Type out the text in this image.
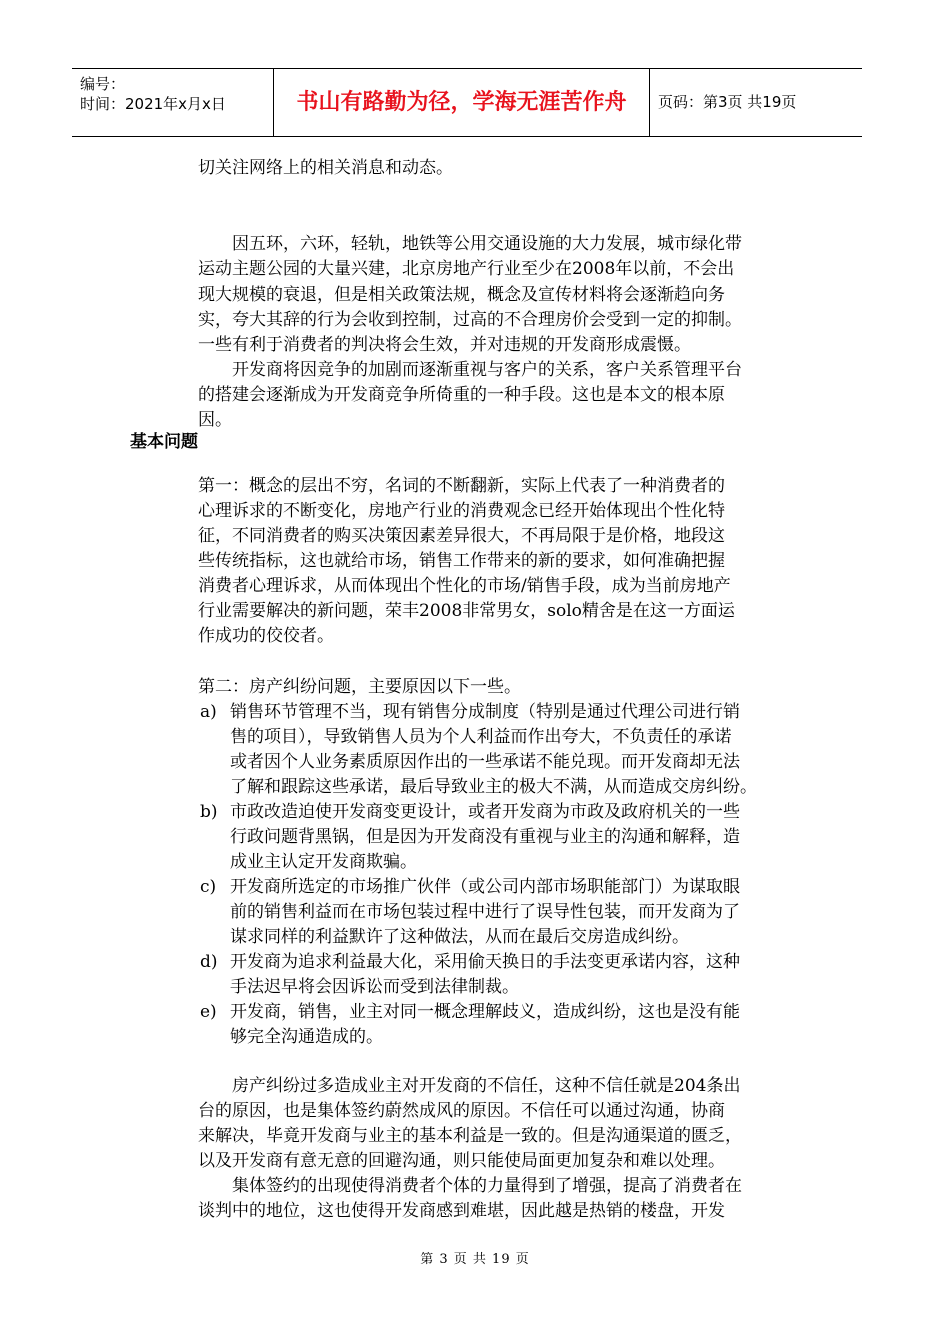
编号：
时间：2021年x月x日	书山有路勤为径，学海无涯苦作舟	页码：第3页 共19页
切关注网络上的相关消息和动态。
因五环，六环，轻轨，地铁等公用交通设施的大力发展，城市绿化带
运动主题公园的大量兴建，北京房地产行业至少在2008年以前，不会出
现大规模的衰退，但是相关政策法规，概念及宣传材料将会逐渐趋向务
实，夸大其辞的行为会收到控制，过高的不合理房价会受到一定的抑制。
一些有利于消费者的判决将会生效，并对违规的开发商形成震慑。
开发商将因竞争的加剧而逐渐重视与客户的关系，客户关系管理平台
的搭建会逐渐成为开发商竞争所倚重的一种手段。这也是本文的根本原
因。
基本问题
第一：概念的层出不穷，名词的不断翻新，实际上代表了一种消费者的
心理诉求的不断变化，房地产行业的消费观念已经开始体现出个性化特
征，不同消费者的购买决策因素差异很大，不再局限于是价格，地段这
些传统指标，这也就给市场，销售工作带来的新的要求，如何准确把握
消费者心理诉求，从而体现出个性化的市场/销售手段，成为当前房地产
行业需要解决的新问题，荣丰2008非常男女，solo精舍是在这一方面运
作成功的佼佼者。
第二：房产纠纷问题，主要原因以下一些。
a) 销售环节管理不当，现有销售分成制度（特别是通过代理公司进行销
售的项目），导致销售人员为个人利益而作出夸大，不负责任的承诺
或者因个人业务素质原因作出的一些承诺不能兑现。而开发商却无法
了解和跟踪这些承诺，最后导致业主的极大不满，从而造成交房纠纷。
b) 市政改造迫使开发商变更设计，或者开发商为市政及政府机关的一些
行政问题背黑锅，但是因为开发商没有重视与业主的沟通和解释，造
成业主认定开发商欺骗。
c) 开发商所选定的市场推广伙伴（或公司内部市场职能部门）为谋取眼
前的销售利益而在市场包装过程中进行了误导性包装，而开发商为了
谋求同样的利益默许了这种做法，从而在最后交房造成纠纷。
d) 开发商为追求利益最大化，采用偷天换日的手法变更承诺内容，这种
手法迟早将会因诉讼而受到法律制裁。
e) 开发商，销售，业主对同一概念理解歧义，造成纠纷，这也是没有能
够完全沟通造成的。
房产纠纷过多造成业主对开发商的不信任，这种不信任就是204条出
台的原因，也是集体签约蔚然成风的原因。不信任可以通过沟通，协商
来解决，毕竟开发商与业主的基本利益是一致的。但是沟通渠道的匮乏，
以及开发商有意无意的回避沟通，则只能使局面更加复杂和难以处理。
集体签约的出现使得消费者个体的力量得到了增强，提高了消费者在
谈判中的地位，这也使得开发商感到难堪，因此越是热销的楼盘，开发
第 3 页 共 19 页
